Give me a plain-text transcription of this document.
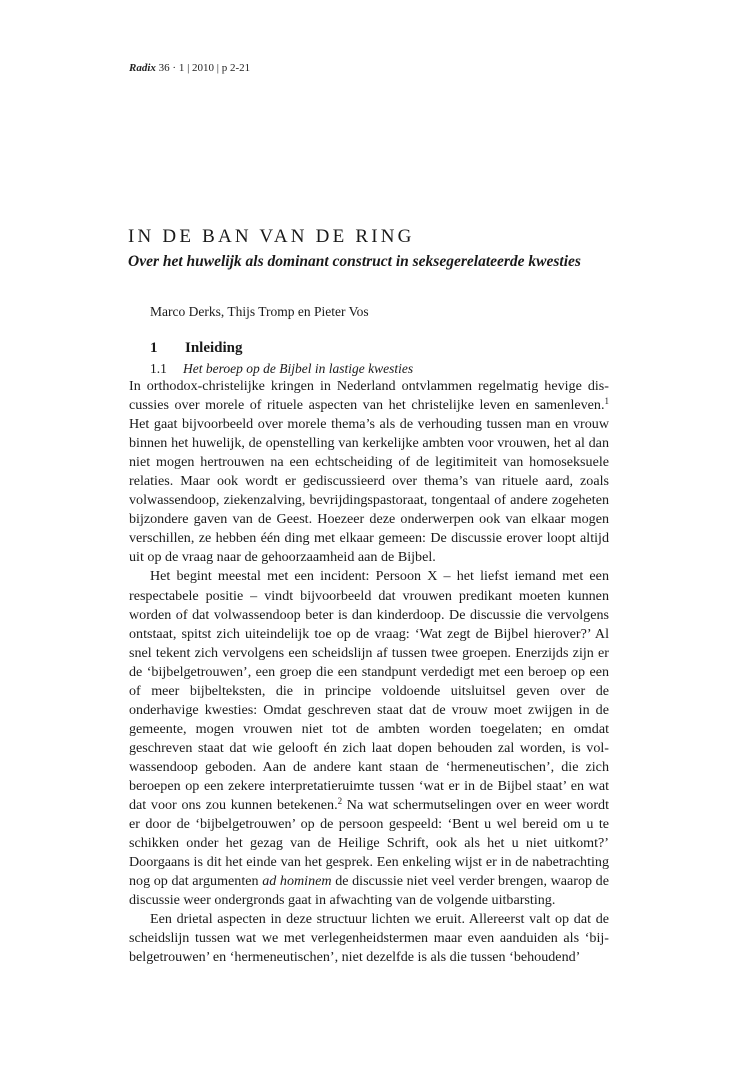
Radix 36 · 1 | 2010 | p 2-21
IN DE BAN VAN DE RING
Over het huwelijk als dominant construct in seksegerelateerde kwesties
Marco Derks, Thijs Tromp en Pieter Vos
1 Inleiding
1.1 Het beroep op de Bijbel in lastige kwesties

In orthodox-christelijke kringen in Nederland ontvlammen regelmatig hevige discussies over morele of rituele aspecten van het christelijke leven en samenleven.$^1$ Het gaat bijvoorbeeld over morele thema’s als de verhouding tussen man en vrouw binnen het huwelijk, de openstelling van kerkelijke ambten voor vrouwen, het al dan niet mogen hertrouwen na een echtscheiding of de legitimiteit van homoseksuele relaties. Maar ook wordt er gediscussieerd over thema’s van rituele aard, zoals volwassendoop, ziekenzalving, bevrijdingspastoraat, tongentaal of andere zogeheten bijzondere gaven van de Geest. Hoezeer deze onderwerpen ook van elkaar mogen verschillen, ze hebben één ding met elkaar gemeen: De discussie erover loopt altijd uit op de vraag naar de gehoorzaamheid aan de Bijbel.

Het begint meestal met een incident: Persoon X – het liefst iemand met een respectabele positie – vindt bijvoorbeeld dat vrouwen predikant moeten kunnen worden of dat volwassendoop beter is dan kinderdoop. De discussie die vervolgens ontstaat, spitst zich uiteindelijk toe op de vraag: ‘Wat zegt de Bijbel hierover?’ Al snel tekent zich vervolgens een scheidslijn af tussen twee groepen. Enerzijds zijn er de ‘bijbelgetrouwen’, een groep die een standpunt verdedigt met een beroep op een of meer bijbelteksten, die in principe voldoende uitsluitsel geven over de onderhavige kwesties: Omdat geschreven staat dat de vrouw moet zwijgen in de gemeente, mogen vrouwen niet tot de ambten worden toegelaten; en omdat geschreven staat dat wie gelooft én zich laat dopen behouden zal worden, is volwassendoop geboden. Aan de andere kant staan de ‘hermeneutischen’, die zich beroepen op een zekere interpretatieruimte tussen ‘wat er in de Bijbel staat’ en wat dat voor ons zou kunnen betekenen.$^2$ Na wat schermutselingen over en weer wordt er door de ‘bijbelgetrouwen’ op de persoon gespeeld: ‘Bent u wel bereid om u te schikken onder het gezag van de Heilige Schrift, ook als het u niet uitkomt?’ Doorgaans is dit het einde van het gesprek. Een enkeling wijst er in de nabetrachting nog op dat argumenten ad hominem de discussie niet veel verder brengen, waarop de discussie weer ondergronds gaat in afwachting van de volgende uitbarsting.

Een drietal aspecten in deze structuur lichten we eruit. Allereerst valt op dat de scheidslijn tussen wat we met verlegenheidstermen maar even aanduiden als ‘bijbelgetrouwen’ en ‘hermeneutischen’, niet dezelfde is als die tussen ‘behoudend’
